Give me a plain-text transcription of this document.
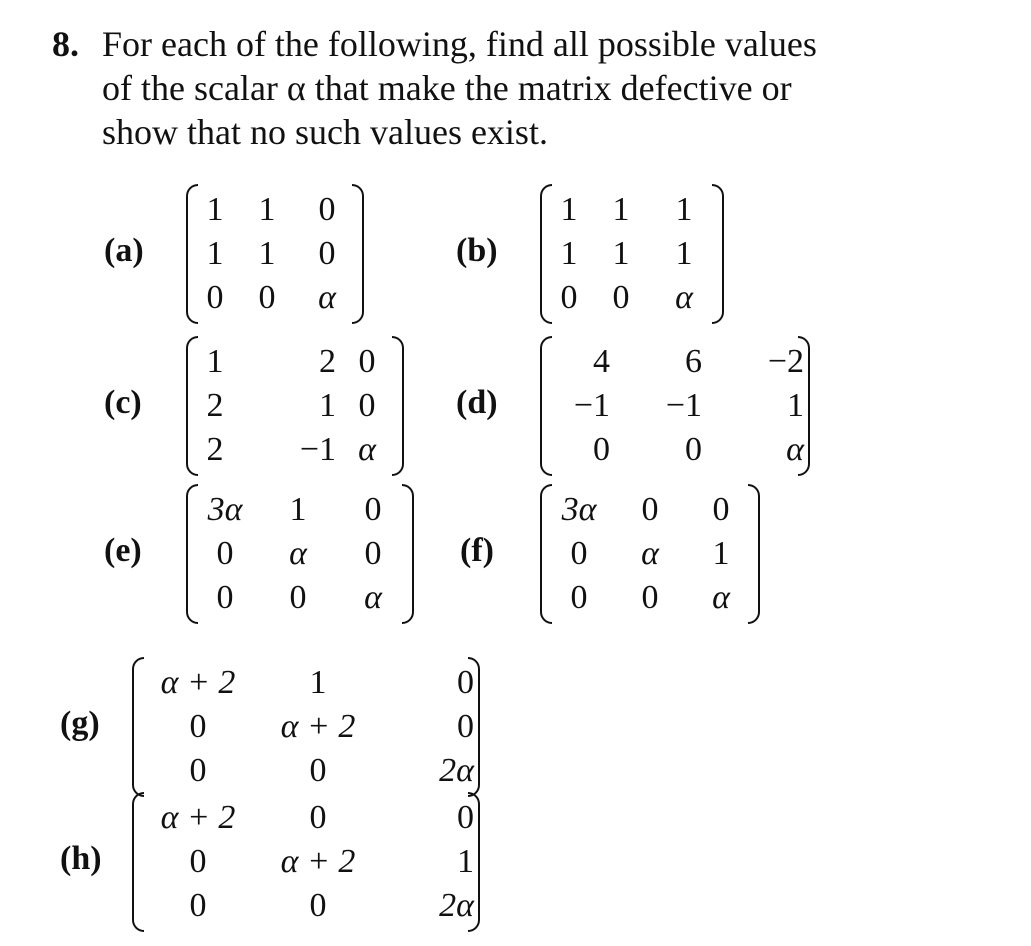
8. For each of the following, find all possible values
of the scalar α that make the matrix defective or
show that no such values exist.
(a)
1	1	0
1	1	0
0	0	α
(b)
1	1	1
1	1	1
0	0	α
(c)
1	2 0
2	1 0
2	−1 α
(d)
4	6	−2
−1	−1	1
0	0	α
(e)
3α	1	0
0	α	0
0	0	α
(f)
3α	0	0
0	α	1
0	0	α
(g)
α + 2	1	0
0	α + 2	0
0	0	2α
(h)
α + 2	0	0
0	α + 2	1
0	0	2α
